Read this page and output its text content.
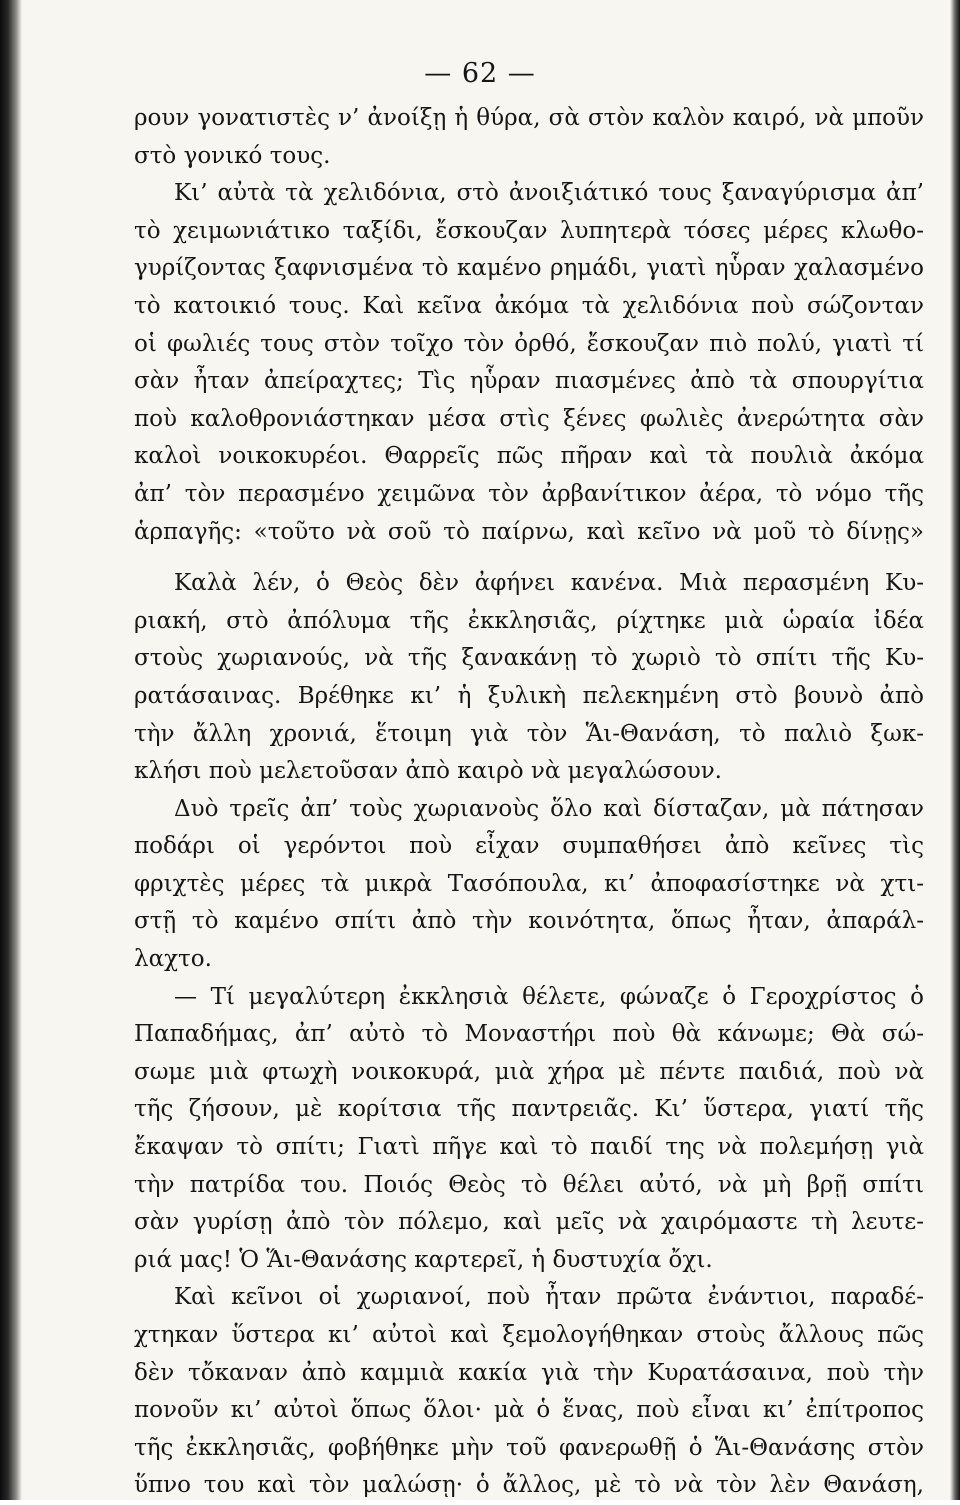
— 62 —
ρουν γονατιστὲς ν’ ἀνοίξῃ ἡ θύρα, σὰ στὸν καλὸν καιρό, νὰ μποῦν
στὸ γονικό τους.
Κι’ αὐτὰ τὰ χελιδόνια, στὸ ἀνοιξιάτικό τους ξαναγύρισμα ἀπ’
τὸ χειμωνιάτικο ταξίδι, ἔσκουζαν λυπητερὰ τόσες μέρες κλωθο-
γυρίζοντας ξαφνισμένα τὸ καμένο ρημάδι, γιατὶ ηὗραν χαλασμένο
τὸ κατοικιό τους. Καὶ κεῖνα ἀκόμα τὰ χελιδόνια ποὺ σώζονταν
οἱ φωλιές τους στὸν τοῖχο τὸν ὀρθό, ἔσκουζαν πιὸ πολύ, γιατὶ τί
σὰν ἦταν ἀπείραχτες; Τὶς ηὗραν πιασμένες ἀπὸ τὰ σπουργίτια
ποὺ καλοθρονιάστηκαν μέσα στὶς ξένες φωλιὲς ἀνερώτητα σὰν
καλοὶ νοικοκυρέοι. Θαρρεῖς πῶς πῆραν καὶ τὰ πουλιὰ ἀκόμα
ἀπ’ τὸν περασμένο χειμῶνα τὸν ἀρβανίτικον ἀέρα, τὸ νόμο τῆς
ἁρπαγῆς: «τοῦτο νὰ σοῦ τὸ παίρνω, καὶ κεῖνο νὰ μοῦ τὸ δίνῃς»
Καλὰ λέν, ὁ Θεὸς δὲν ἀφήνει κανένα. Μιὰ περασμένη Κυ-
ριακή, στὸ ἀπόλυμα τῆς ἐκκλησιᾶς, ρίχτηκε μιὰ ὡραία ἰδέα
στοὺς χωριανούς, νὰ τῆς ξανακάνῃ τὸ χωριὸ τὸ σπίτι τῆς Κυ-
ρατάσαινας. Βρέθηκε κι’ ἡ ξυλικὴ πελεκημένη στὸ βουνὸ ἀπὸ
τὴν ἄλλη χρονιά, ἕτοιμη γιὰ τὸν Ἅι-Θανάση, τὸ παλιὸ ξωκ-
κλήσι ποὺ μελετοῦσαν ἀπὸ καιρὸ νὰ μεγαλώσουν.
Δυὸ τρεῖς ἀπ’ τοὺς χωριανοὺς ὅλο καὶ δίσταζαν, μὰ πάτησαν
ποδάρι οἱ γερόντοι ποὺ εἶχαν συμπαθήσει ἀπὸ κεῖνες τὶς
φριχτὲς μέρες τὰ μικρὰ Τασόπουλα, κι’ ἀποφασίστηκε νὰ χτι-
στῇ τὸ καμένο σπίτι ἀπὸ τὴν κοινότητα, ὅπως ἦταν, ἀπαράλ-
λαχτο.
— Τί μεγαλύτερη ἐκκλησιὰ θέλετε, φώναζε ὁ Γεροχρίστος ὁ
Παπαδήμας, ἀπ’ αὐτὸ τὸ Μοναστήρι ποὺ θὰ κάνωμε; Θὰ σώ-
σωμε μιὰ φτωχὴ νοικοκυρά, μιὰ χήρα μὲ πέντε παιδιά, ποὺ νὰ
τῆς ζήσουν, μὲ κορίτσια τῆς παντρειᾶς. Κι’ ὕστερα, γιατί τῆς
ἔκαψαν τὸ σπίτι; Γιατὶ πῆγε καὶ τὸ παιδί της νὰ πολεμήσῃ γιὰ
τὴν πατρίδα του. Ποιός Θεὸς τὸ θέλει αὐτό, νὰ μὴ βρῇ σπίτι
σὰν γυρίσῃ ἀπὸ τὸν πόλεμο, καὶ μεῖς νὰ χαιρόμαστε τὴ λευτε-
ριά μας! Ὁ Ἅι-Θανάσης καρτερεῖ, ἡ δυστυχία ὄχι.
Καὶ κεῖνοι οἱ χωριανοί, ποὺ ἦταν πρῶτα ἐνάντιοι, παραδέ-
χτηκαν ὕστερα κι’ αὐτοὶ καὶ ξεμολογήθηκαν στοὺς ἄλλους πῶς
δὲν τὄκαναν ἀπὸ καμμιὰ κακία γιὰ τὴν Κυρατάσαινα, ποὺ τὴν
πονοῦν κι’ αὐτοὶ ὅπως ὅλοι· μὰ ὁ ἕνας, ποὺ εἶναι κι’ ἐπίτροπος
τῆς ἐκκλησιᾶς, φοβήθηκε μὴν τοῦ φανερωθῇ ὁ Ἅι-Θανάσης στὸν
ὕπνο του καὶ τὸν μαλώσῃ· ὁ ἄλλος, μὲ τὸ νὰ τὸν λὲν Θανάση,
